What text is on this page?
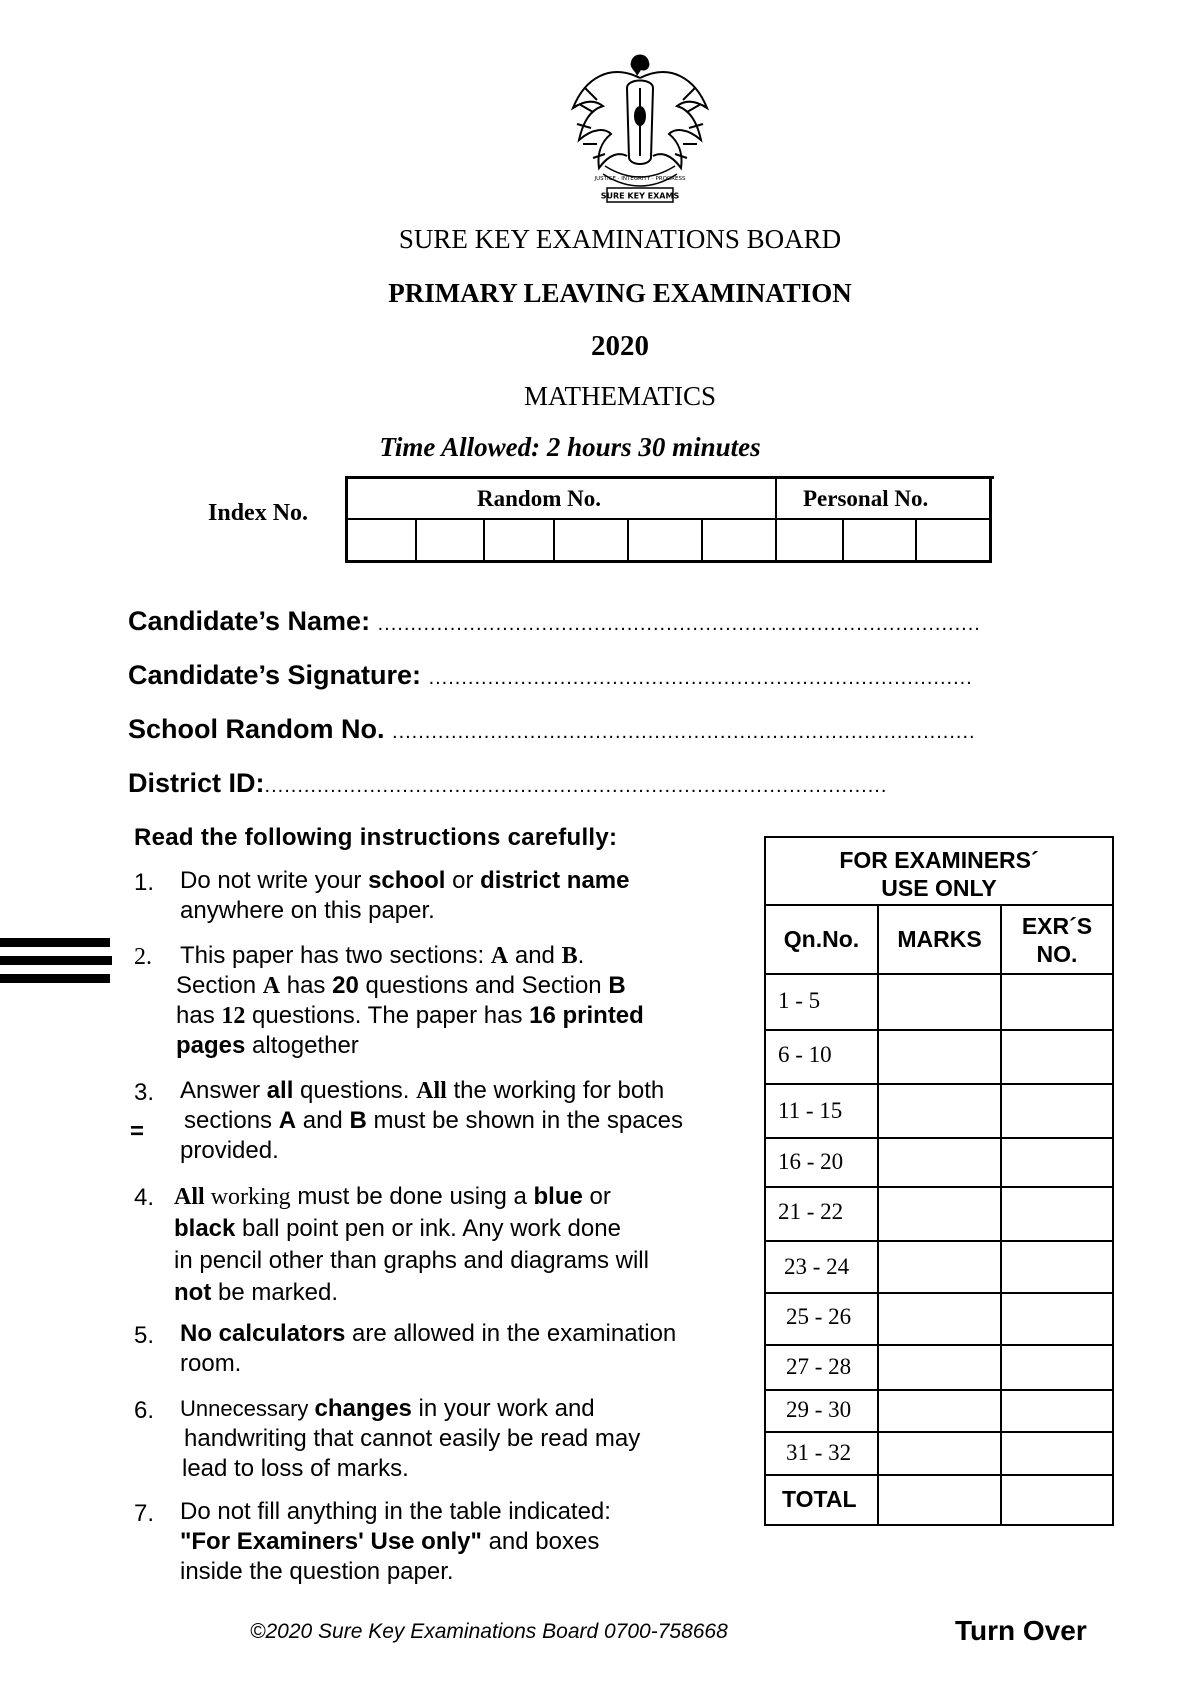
JUSTICE · INTEGRITY · PROGRESS
SURE KEY EXAMS
SURE KEY EXAMINATIONS BOARD
PRIMARY LEAVING EXAMINATION
2020
MATHEMATICS
Time Allowed: 2 hours 30 minutes
Index No.
Random No.	Personal No.
Candidate’s Name: ............................................................................................
Candidate’s Signature: ...................................................................................
School Random No. .........................................................................................
District ID:...............................................................................................
=
Read the following instructions carefully:
1. Do not write your school or district name
anywhere on this paper.
2. This paper has two sections: A and B.
Section A has 20 questions and Section B
has 12 questions. The paper has 16 printed
pages altogether
3. Answer all questions. All the working for both
sections A and B must be shown in the spaces
provided.
4. All working must be done using a blue or
black ball point pen or ink. Any work done
in pencil other than graphs and diagrams will
not be marked.
5. No calculators are allowed in the examination
room.
6. Unnecessary changes in your work and
handwriting that cannot easily be read may
lead to loss of marks.
7. Do not fill anything in the table indicated:
"For Examiners' Use only" and boxes
inside the question paper.
FOR EXAMINERS´
USE ONLY
Qn.No.	MARKS	EXR´S
NO.
1 - 5
6 - 10
11 - 15
16 - 20
21 - 22
23 - 24
25 - 26
27 - 28
29 - 30
31 - 32
TOTAL
©2020 Sure Key Examinations Board 0700-758668	Turn Over
